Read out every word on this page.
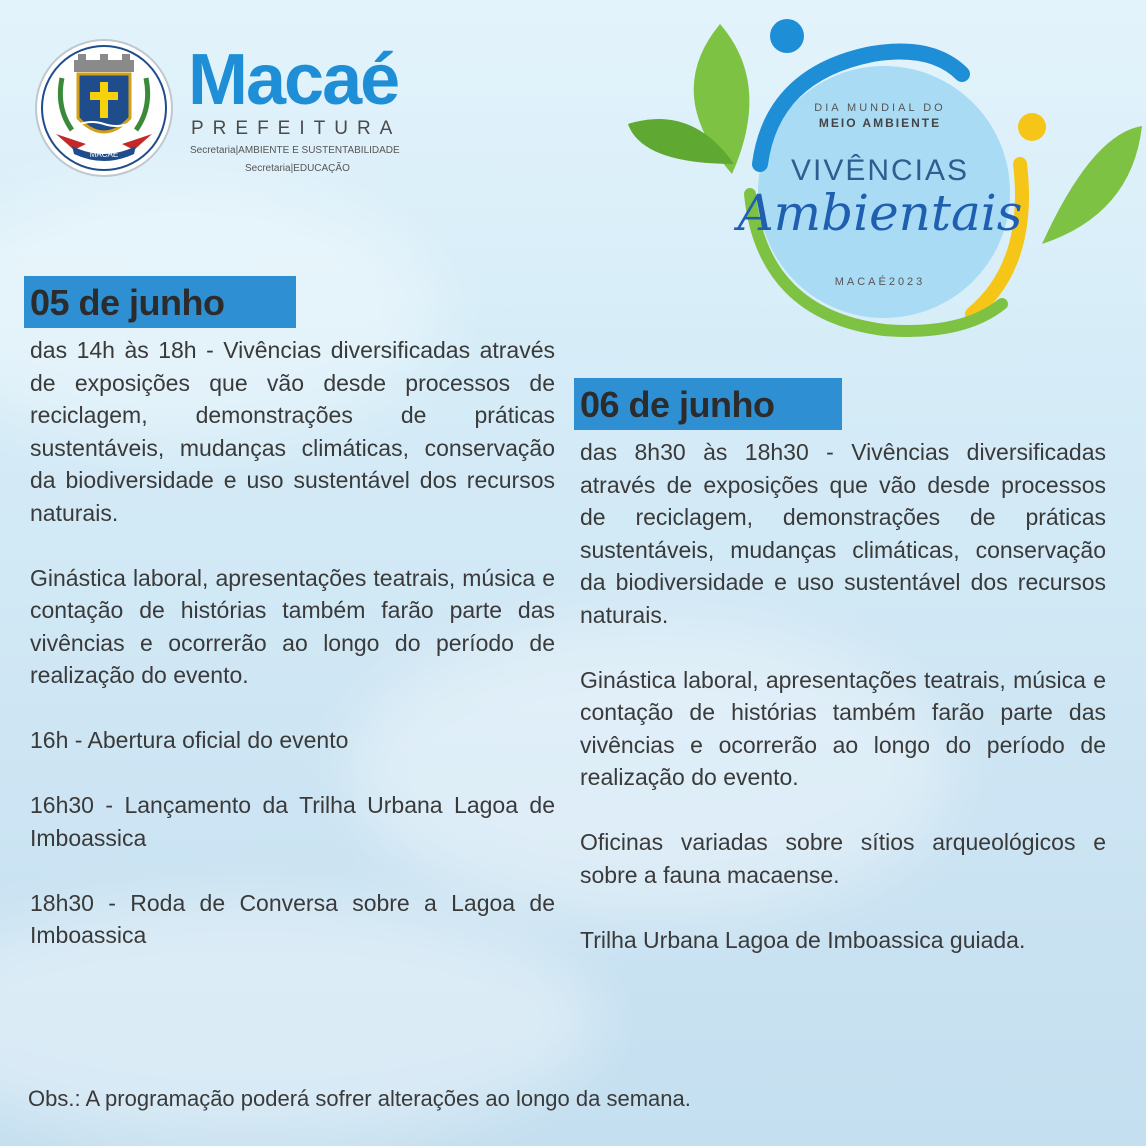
MACAÉ
Macaé
PREFEITURA
Secretaria|AMBIENTE E SUSTENTABILIDADE
Secretaria|EDUCAÇÃO
DIA MUNDIAL DO
MEIO AMBIENTE
VIVÊNCIAS
Ambientais
MACAÉ2023
05 de junho

das 14h às 18h - Vivências diversificadas através de exposições que vão desde processos de reciclagem, demonstrações de práticas sustentáveis, mudanças climáticas, conservação da biodiversidade e uso sustentável dos recursos naturais.

Ginástica laboral, apresentações teatrais, música e contação de histórias também farão parte das vivências e ocorrerão ao longo do período de realização do evento.

16h - Abertura oficial do evento

16h30 - Lançamento da Trilha Urbana Lagoa de Imboassica

18h30 - Roda de Conversa sobre a Lagoa de Imboassica

06 de junho

das 8h30 às 18h30 - Vivências diversificadas através de exposições que vão desde processos de reciclagem, demonstrações de práticas sustentáveis, mudanças climáticas, conservação da biodiversidade e uso sustentável dos recursos naturais.

Ginástica laboral, apresentações teatrais, música e contação de histórias também farão parte das vivências e ocorrerão ao longo do período de realização do evento.

Oficinas variadas sobre sítios arqueológicos e sobre a fauna macaense.

Trilha Urbana Lagoa de Imboassica guiada.

Obs.: A programação poderá sofrer alterações ao longo da semana.
